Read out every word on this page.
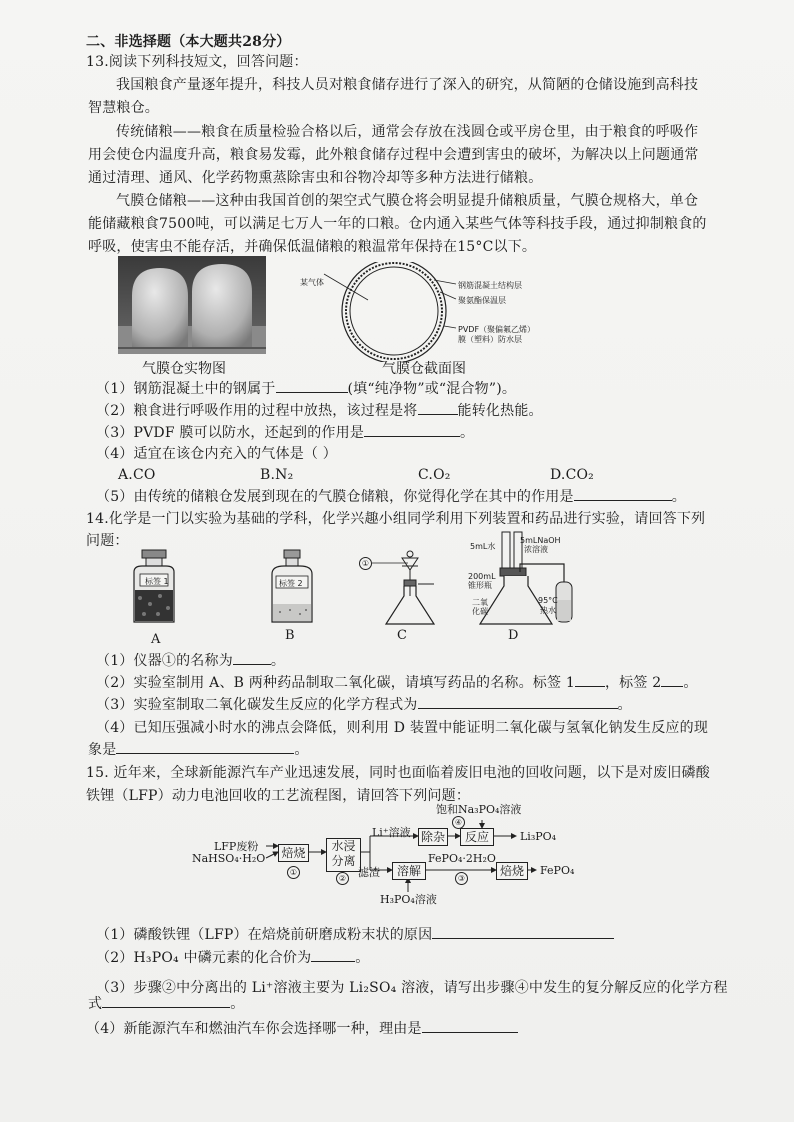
二、非选择题（本大题共28分）
13.阅读下列科技短文，回答问题：
我国粮食产量逐年提升，科技人员对粮食储存进行了深入的研究，从简陋的仓储设施到高科技
智慧粮仓。
传统储粮——粮食在质量检验合格以后，通常会存放在浅圆仓或平房仓里，由于粮食的呼吸作
用会使仓内温度升高，粮食易发霉，此外粮食储存过程中会遭到害虫的破坏，为解决以上问题通常
通过清理、通风、化学药物熏蒸除害虫和谷物冷却等多种方法进行储粮。
气膜仓储粮——这种由我国首创的架空式气膜仓将会明显提升储粮质量，气膜仓规格大，单仓
能储藏粮食7500吨，可以满足七万人一年的口粮。仓内通入某些气体等科技手段，通过抑制粮食的
呼吸，使害虫不能存活，并确保低温储粮的粮温常年保持在15°C以下。
某气体	钢筋混凝土结构层
聚氨酯保温层
PVDF（聚偏氟乙烯）
膜（塑料）防水层
气膜仓实物图	气膜仓截面图
（1）钢筋混凝土中的钢属于	(填“纯净物”或“混合物”)。
（2）粮食进行呼吸作用的过程中放热，该过程是将	能转化热能。
（3）PVDF 膜可以防水，还起到的作用是	。
（4）适宜在该仓内充入的气体是（ ）
A.CO	B.N₂	C.O₂	D.CO₂
（5）由传统的储粮仓发展到现在的气膜仓储粮，你觉得化学在其中的作用是	。
14.化学是一门以实验为基础的学科，化学兴趣小组同学利用下列装置和药品进行实验，请回答下列
问题：
标签 1	标签 2
①
5mL水
5mLNaOH
浓溶液
200mL
锥形瓶
二氧
化碳
95°C
热水
A	B	C	D
（1）仪器①的名称为	。
（2）实验室制用 A、B 两种药品制取二氧化碳，请填写药品的名称。标签 1 ，标签 2 。
（3）实验室制取二氧化碳发生反应的化学方程式为	。
（4）已知压强减小时水的沸点会降低，则利用 D 装置中能证明二氧化碳与氢氧化钠发生反应的现
象是	。
15. 近年来，全球新能源汽车产业迅速发展，同时也面临着废旧电池的回收问题，以下是对废旧磷酸
铁锂（LFP）动力电池回收的工艺流程图，请回答下列问题：
LFP废粉
NaHSO₄·H₂O 焙烧	水浸
分离
Li⁺溶液 除杂
饱和Na₃PO₄溶液
④
反应	Li₃PO₄
滤渣	溶解
FePO₄·2H₂O
焙烧	FePO₄
H₃PO₄溶液
①
②	③
（1）磷酸铁锂（LFP）在焙烧前研磨成粉末状的原因
（2）H₃PO₄ 中磷元素的化合价为	。
（3）步骤②中分离出的 Li⁺溶液主要为 Li₂SO₄ 溶液，请写出步骤④中发生的复分解反应的化学方程
式	。
（4）新能源汽车和燃油汽车你会选择哪一种，理由是
